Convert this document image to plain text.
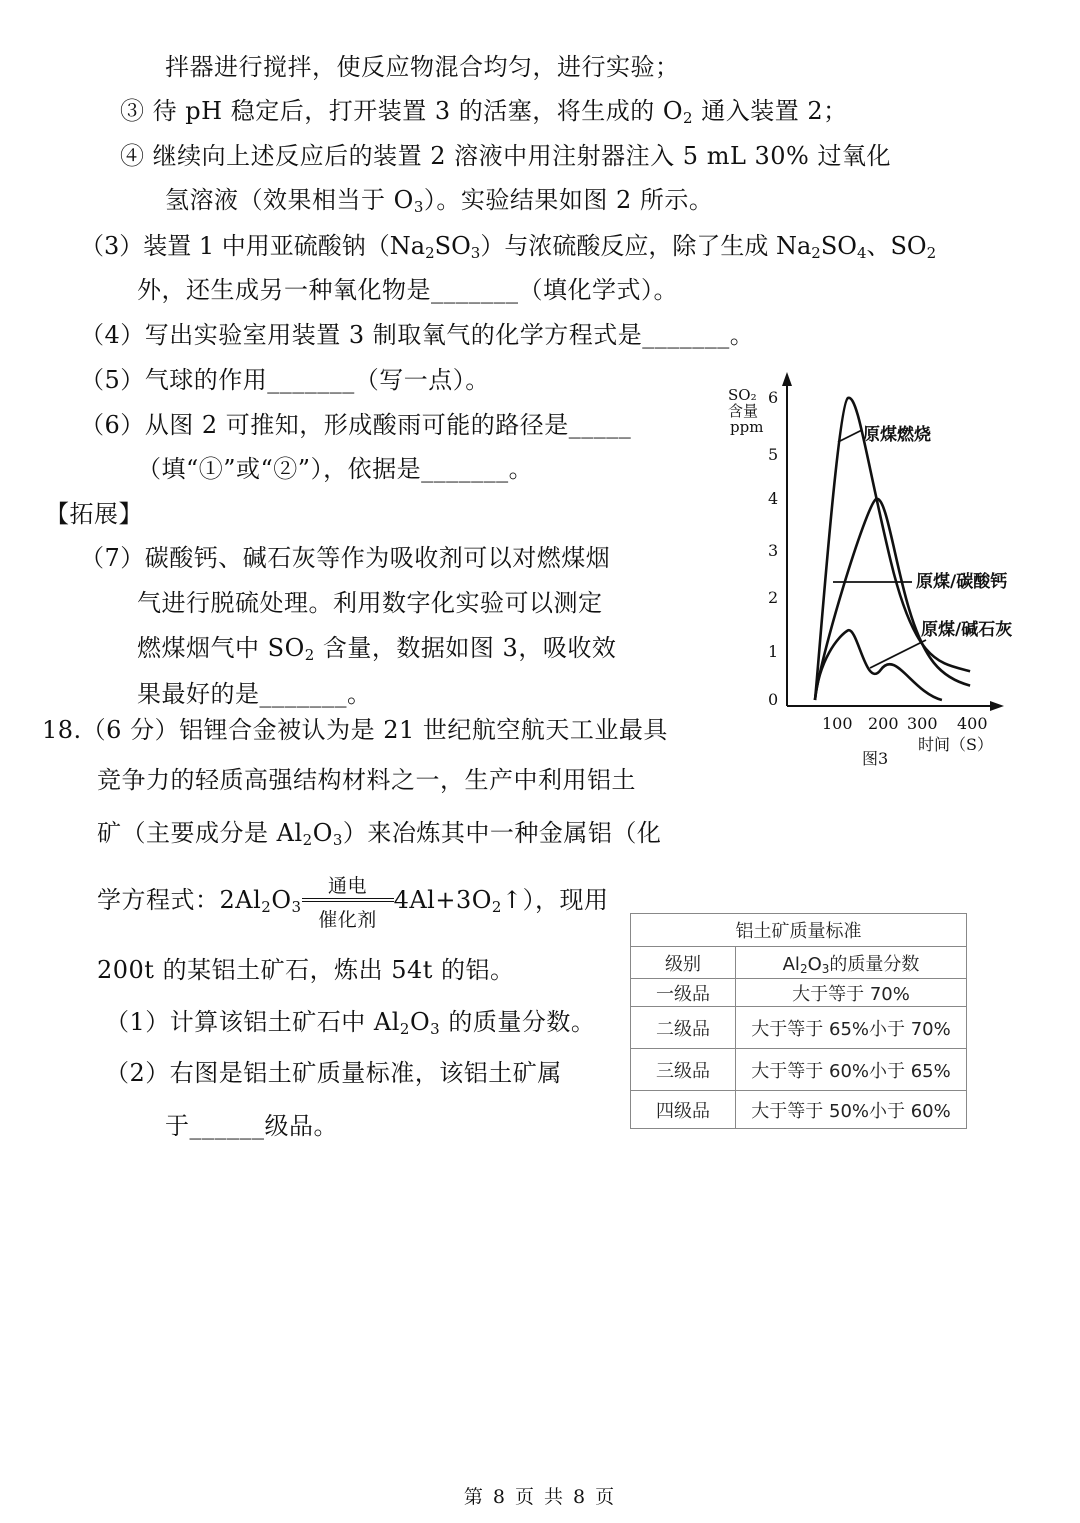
拌器进行搅拌，使反应物混合均匀，进行实验；
③ 待 pH 稳定后，打开装置 3 的活塞，将生成的 $O_2$ 通入装置 2；
④ 继续向上述反应后的装置 2 溶液中用注射器注入 5 mL 30% 过氧化
氢溶液（效果相当于 $O_3$）。实验结果如图 2 所示。
（3）装置 1 中用亚硫酸钠$(Na_2SO_3)$与浓硫酸反应，除了生成 $Na_2SO_4$、$SO_2$
外，还生成另一种氧化物是_______（填化学式）。
（4）写出实验室用装置 3 制取氧气的化学方程式是_______。
（5）气球的作用_______（写一点）。
（6）从图 2 可推知，形成酸雨可能的路径是_____
（填“①”或“②”），依据是_______。
【拓展】
（7）碳酸钙、碱石灰等作为吸收剂可以对燃煤烟
气进行脱硫处理。利用数字化实验可以测定
燃煤烟气中 $SO_2$ 含量，数据如图 3，吸收效
果最好的是_______。
18.（6 分）铝锂合金被认为是 21 世纪航空航天工业最具
竞争力的轻质高强结构材料之一，生产中利用铝土
矿（主要成分是 $Al_2O_3$）来冶炼其中一种金属铝（化
学方程式：$2Al_2O_3$
通电
催化剂
$4Al+3O_2↑$），现用
200t 的某铝土矿石，炼出 54t 的铝。
（1）计算该铝土矿石中 $Al_2O_3$ 的质量分数。
（2）右图是铝土矿质量标准，该铝土矿属
于______级品。
铝土矿质量标准	
级别	$Al_2O_3$的质量分数
一级品	大于等于 70%
二级品	大于等于 65%小于 70%
三级品	大于等于 60%小于 65%
四级品	大于等于 50%小于 60%
SO₂
含量
ppm
6
5
4
3
2
1
0
100 200 300 400
时间（S）
图3
原煤燃烧
原煤/碳酸钙
原煤/碱石灰
第 8 页 共 8 页
